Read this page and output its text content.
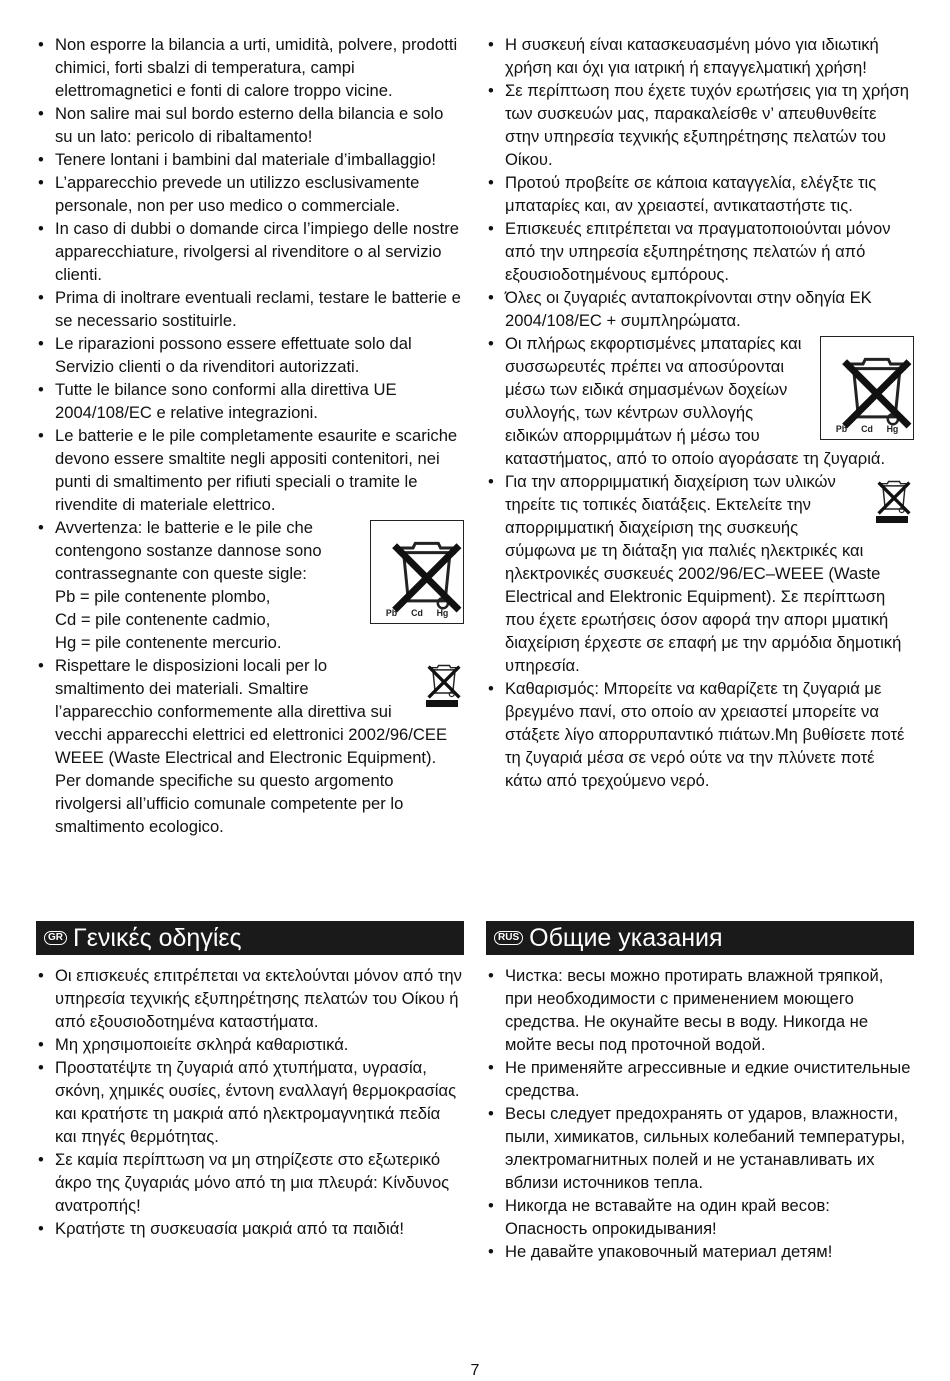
• Non esporre la bilancia a urti, umidità, polvere, prodotti chimici, forti sbalzi di temperatura, campi elettromagnetici e fonti di calore troppo vicine.
• Non salire mai sul bordo esterno della bilancia e solo su un lato: pericolo di ribaltamento!
• Tenere lontani i bambini dal materiale d’imballaggio!
• L’apparecchio prevede un utilizzo esclusivamente personale, non per uso medico o commerciale.
• In caso di dubbi o domande circa l’impiego delle nostre apparecchiature, rivolgersi al rivenditore o al servizio clienti.
• Prima di inoltrare eventuali reclami, testare le batterie e se necessario sostituirle.
• Le riparazioni possono essere effettuate solo dal Servizio clienti o da rivenditori autorizzati.
• Tutte le bilance sono conformi alla direttiva UE 2004/108/EC e relative integrazioni.
• Le batterie e le pile completamente esaurite e scariche devono essere smaltite negli appositi contenitori, nei punti di smaltimento per rifiuti speciali o tramite le rivendite di materiale elettrico.
• Pb Cd Hg
Avvertenza: le batterie e le pile che contengono sostanze dannose sono contrassegnante con queste sigle:
Pb = pile contenente plombo,
Cd = pile contenente cadmio,
Hg = pile contenente mercurio.
• Rispettare le disposizioni locali per lo smaltimento dei materiali. Smaltire l’apparecchio conformemente alla direttiva sui vecchi apparecchi elettrici ed elettronici 2002/96/CEE WEEE (Waste Electrical and Electronic Equipment). Per domande specifiche su questo argomento rivolgersi all’ufficio comunale competente per lo smaltimento ecologico.
• Η συσκευή είναι κατασκευασμένη μόνο για ιδιωτική χρήση και όχι για ιατρική ή επαγγελματική χρήση!
• Σε περίπτωση που έχετε τυχόν ερωτήσεις για τη χρήση των συσκευών μας, παρακαλείσθε ν’ απευθυνθείτε στην υπηρεσία τεχνικής εξυπηρέτησης πελατών του Οίκου.
• Προτού προβείτε σε κάποια καταγγελία, ελέγξτε τις μπαταρίες και, αν χρειαστεί, αντικαταστήστε τις.
• Επισκευές επιτρέπεται να πραγματοποιούνται μόνον από την υπηρεσία εξυπηρέτησης πελατών ή από εξουσιοδοτημένους εμπόρους.
• Όλες οι ζυγαριές ανταποκρίνονται στην οδηγία ΕΚ 2004/108/EC + συμπληρώματα.
• Pb Cd Hg
Οι πλήρως εκφορτισμένες μπαταρίες και συσσωρευτές πρέπει να αποσύρονται μέσω των ειδικά σημασμένων δοχείων συλλογής, των κέντρων συλλογής ειδικών απορριμμάτων ή μέσω του καταστήματος, από το οποίο αγοράσατε τη ζυγαριά.
• Για την απορριμματική διαχείριση των υλικών τηρείτε τις τοπικές διατάξεις. Εκτελείτε την απορριμματική διαχείριση της συσκευής σύμφωνα με τη διάταξη για παλιές ηλεκτρικές και ηλεκτρονικές συσκευές 2002/96/EC–WEEE (Waste Electrical and Elektronic Equipment). Σε περίπτωση που έχετε ερωτήσεις όσον αφορά την απορι μματική διαχείριση έρχεστε σε επαφή με την αρμόδια δημοτική υπηρεσία.
• Καθαρισμός: Μπορείτε να καθαρίζετε τη ζυγαριά με βρεγμένο πανί, στο οποίο αν χρειαστεί μπορείτε να στάξετε λίγο απορρυπαντικό πιάτων.Μη βυθίσετε ποτέ τη ζυγαριά μέσα σε νερό ούτε να την πλύνετε ποτέ κάτω από τρεχούμενο νερό.
GR Γενικές οδηγίες
• Οι επισκευές επιτρέπεται να εκτελούνται μόνον από την υπηρεσία τεχνικής εξυπηρέτησης πελατών του Οίκου ή από εξουσιοδοτημένα καταστήματα.
• Μη χρησιμοποιείτε σκληρά καθαριστικά.
• Προστατέψτε τη ζυγαριά από χτυπήματα, υγρασία, σκόνη, χημικές ουσίες, έντονη εναλλαγή θερμοκρασίας και κρατήστε τη μακριά από ηλεκτρομαγνητικά πεδία και πηγές θερμότητας.
• Σε καμία περίπτωση να μη στηρίζεστε στο εξωτερικό άκρο της ζυγαριάς μόνο από τη μια πλευρά: Κίνδυνος ανατροπής!
• Κρατήστε τη συσκευασία μακριά από τα παιδιά!
RUS Общие указания
• Чистка: весы можно протирать влажной тряпкой, при необходимости с применением моющего средства. Не окунайте весы в воду. Никогда не мойте весы под проточной водой.
• Не применяйте агрессивные и едкие очистительные средства.
• Весы следует предохранять от ударов, влажности, пыли, химикатов, сильных колебаний температуры, электромагнитных полей и не устанавливать их вблизи источников тепла.
• Никогда не вставайте на один край весов: Опасность опрокидывания!
• Не давайте упаковочный материал детям!
7
